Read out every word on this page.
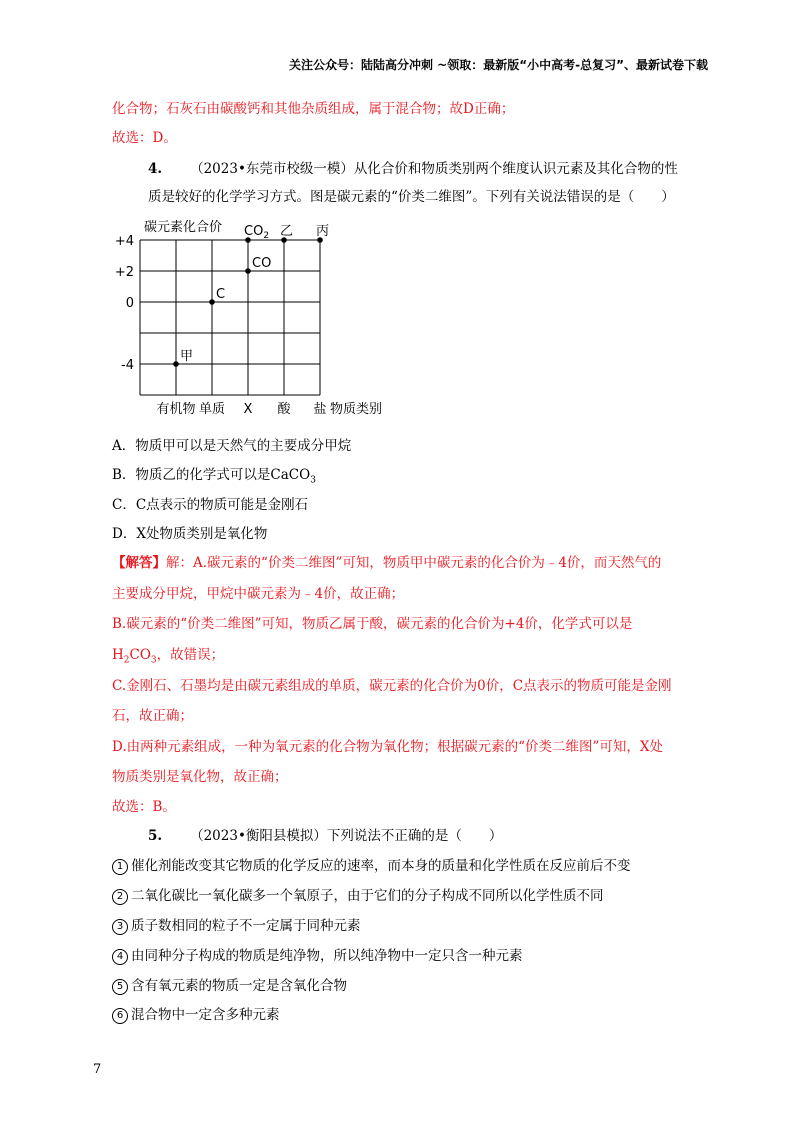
关注公众号：陆陆高分冲刺 ~领取：最新版“小中高考-总复习”、最新试卷下载
化合物；石灰石由碳酸钙和其他杂质组成，属于混合物；故D正确；
故选：D。
4. （2023•东莞市校级一模）从化合价和物质类别两个维度认识元素及其化合物的性
质是较好的化学学习方式。图是碳元素的“价类二维图”。下列有关说法错误的是（　　）
碳元素化合价
+4
+2
0
-4
有机物 单质 X 酸 盐 物质类别
甲
C
CO
$CO_2$ 乙 丙
A．物质甲可以是天然气的主要成分甲烷
B．物质乙的化学式可以是CaCO$_3$
C．C点表示的物质可能是金刚石
D．X处物质类别是氧化物
【解答】解：A.碳元素的“价类二维图”可知，物质甲中碳元素的化合价为﹣4价，而天然气的
主要成分甲烷，甲烷中碳元素为﹣4价，故正确；
B.碳元素的“价类二维图”可知，物质乙属于酸，碳元素的化合价为+4价，化学式可以是
$H_2CO_3$，故错误；
C.金刚石、石墨均是由碳元素组成的单质，碳元素的化合价为0价，C点表示的物质可能是金刚
石，故正确；
D.由两种元素组成，一种为氧元素的化合物为氧化物；根据碳元素的“价类二维图”可知，X处
物质类别是氧化物，故正确；
故选：B。
5. （2023•衡阳县模拟）下列说法不正确的是（　　）
1 催化剂能改变其它物质的化学反应的速率，而本身的质量和化学性质在反应前后不变
2 二氧化碳比一氧化碳多一个氧原子，由于它们的分子构成不同所以化学性质不同
3 质子数相同的粒子不一定属于同种元素
4 由同种分子构成的物质是纯净物，所以纯净物中一定只含一种元素
5 含有氧元素的物质一定是含氧化合物
6 混合物中一定含多种元素
7
